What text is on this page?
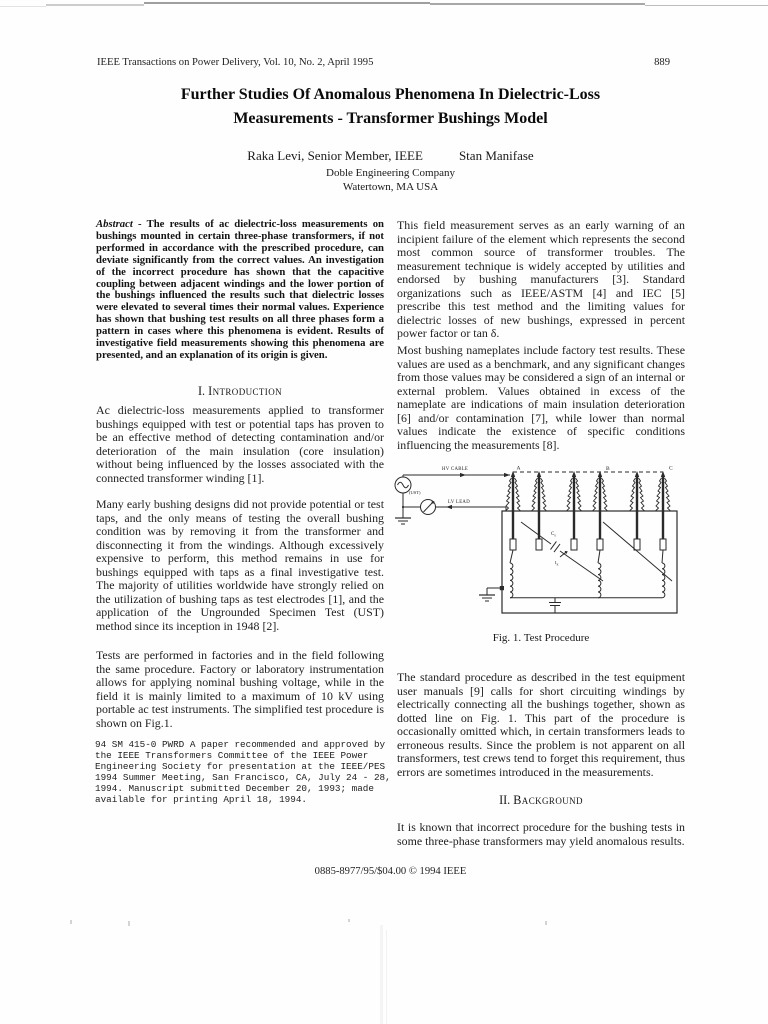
IEEE Transactions on Power Delivery, Vol. 10, No. 2, April 1995	889
Further Studies Of Anomalous Phenomena In Dielectric-Loss
Measurements - Transformer Bushings Model
Raka Levi, Senior Member, IEEE	Stan Manifase
Doble Engineering Company
Watertown, MA USA
Abstract - The results of ac dielectric-loss measurements on bushings mounted in certain three-phase transformers, if not performed in accordance with the prescribed procedure, can deviate significantly from the correct values. An investigation of the incorrect procedure has shown that the capacitive coupling between adjacent windings and the lower portion of the bushings influenced the results such that dielectric losses were elevated to several times their normal values. Experience has shown that bushing test results on all three phases form a pattern in cases where this phenomena is evident. Results of investigative field measurements showing this phenomena are presented, and an explanation of its origin is given.
I. Introduction
Ac dielectric-loss measurements applied to transformer bushings equipped with test or potential taps has proven to be an effective method of detecting contamination and/or deterioration of the main insulation (core insulation) without being influenced by the losses associated with the connected transformer winding [1].
Many early bushing designs did not provide potential or test taps, and the only means of testing the overall bushing condition was by removing it from the transformer and disconnecting it from the windings. Although excessively expensive to perform, this method remains in use for bushings equipped with taps as a final investigative test. The majority of utilities worldwide have strongly relied on the utilization of bushing taps as test electrodes [1], and the application of the Ungrounded Specimen Test (UST) method since its inception in 1948 [2].
Tests are performed in factories and in the field following the same procedure. Factory or laboratory instrumentation allows for applying nominal bushing voltage, while in the field it is mainly limited to a maximum of 10 kV using portable ac test instruments. The simplified test procedure is shown on Fig.1.
94 SM 415-0 PWRD A paper recommended and approved by the IEEE Transformers Committee of the IEEE Power Engineering Society for presentation at the IEEE/PES 1994 Summer Meeting, San Francisco, CA, July 24 - 28, 1994. Manuscript submitted December 20, 1993; made available for printing April 18, 1994.
This field measurement serves as an early warning of an incipient failure of the element which represents the second most common source of transformer troubles. The measurement technique is widely accepted by utilities and endorsed by bushing manufacturers [3]. Standard organizations such as IEEE/ASTM [4] and IEC [5] prescribe this test method and the limiting values for dielectric losses of new bushings, expressed in percent power factor or tan δ.
Most bushing nameplates include factory test results. These values are used as a benchmark, and any significant changes from those values may be considered a sign of an internal or external problem. Values obtained in excess of the nameplate are indications of main insulation deterioration [6] and/or contamination [7], while lower than normal values indicate the existence of specific conditions influencing the measurements [8].
(UST)
HV CABLE
LV LEAD
A	B	C
$C_s$
$I_E$
Fig. 1. Test Procedure
The standard procedure as described in the test equipment user manuals [9] calls for short circuiting windings by electrically connecting all the bushings together, shown as dotted line on Fig. 1. This part of the procedure is occasionally omitted which, in certain transformers leads to erroneous results. Since the problem is not apparent on all transformers, test crews tend to forget this requirement, thus errors are sometimes introduced in the measurements.
II. Background
It is known that incorrect procedure for the bushing tests in some three-phase transformers may yield anomalous results.
0885-8977/95/$04.00 © 1994 IEEE
